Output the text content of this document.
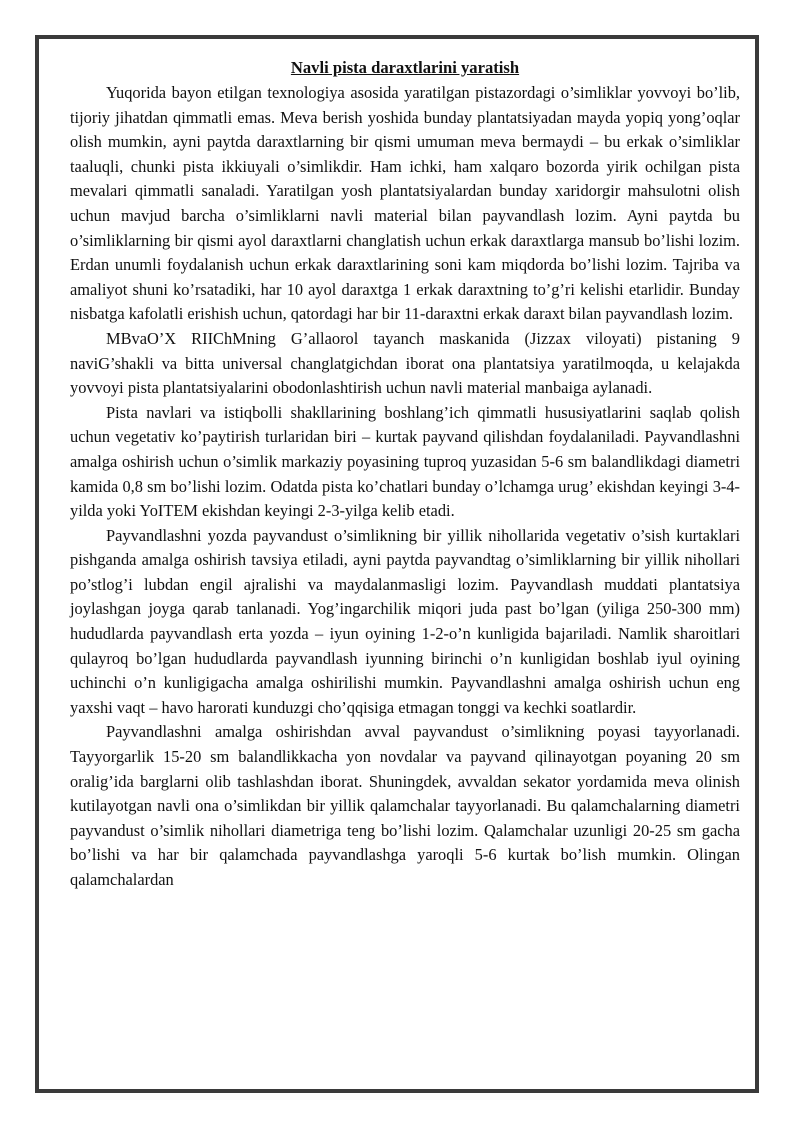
Navli pista daraxtlarini yaratish

Yuqorida bayon etilgan texnologiya asosida yaratilgan pistazordagi o’simliklar yovvoyi bo’lib, tijoriy jihatdan qimmatli emas. Meva berish yoshida bunday plantatsiyadan mayda yopiq yong’oqlar olish mumkin, ayni paytda daraxtlarning bir qismi umuman meva bermaydi – bu erkak o’simliklar taaluqli, chunki pista ikkiuyali o’simlikdir. Ham ichki, ham xalqaro bozorda yirik ochilgan pista mevalari qimmatli sanaladi. Yaratilgan yosh plantatsiyalardan bunday xaridorgir mahsulotni olish uchun mavjud barcha o’simliklarni navli material bilan payvandlash lozim. Ayni paytda bu o’simliklarning bir qismi ayol daraxtlarni changlatish uchun erkak daraxtlarga mansub bo’lishi lozim. Erdan unumli foydalanish uchun erkak daraxtlarining soni kam miqdorda bo’lishi lozim. Tajriba va amaliyot shuni ko’rsatadiki, har 10 ayol daraxtga 1 erkak daraxtning to’g’ri kelishi etarlidir. Bunday nisbatga kafolatli erishish uchun, qatordagi har bir 11-daraxtni erkak daraxt bilan payvandlash lozim.

MBvaO’X RIIChMning G’allaorol tayanch maskanida (Jizzax viloyati) pistaning 9 naviG’shakli va bitta universal changlatgichdan iborat ona plantatsiya yaratilmoqda, u kelajakda yovvoyi pista plantatsiyalarini obodonlashtirish uchun navli material manbaiga aylanadi.

Pista navlari va istiqbolli shakllarining boshlang’ich qimmatli hususiyatlarini saqlab qolish uchun vegetativ ko’paytirish turlaridan biri – kurtak payvand qilishdan foydalaniladi. Payvandlashni amalga oshirish uchun o’simlik markaziy poyasining tuproq yuzasidan 5-6 sm balandlikdagi diametri kamida 0,8 sm bo’lishi lozim. Odatda pista ko’chatlari bunday o’lchamga urug’ ekishdan keyingi 3-4-yilda yoki YoITEM ekishdan keyingi 2-3-yilga kelib etadi.

Payvandlashni yozda payvandust o’simlikning bir yillik nihollarida vegetativ o’sish kurtaklari pishganda amalga oshirish tavsiya etiladi, ayni paytda payvandtag o’simliklarning bir yillik nihollari po’stlog’i lubdan engil ajralishi va maydalanmasligi lozim. Payvandlash muddati plantatsiya joylashgan joyga qarab tanlanadi. Yog’ingarchilik miqori juda past bo’lgan (yiliga 250-300 mm) hududlarda payvandlash erta yozda – iyun oyining 1-2-o’n kunligida bajariladi. Namlik sharoitlari qulayroq bo’lgan hududlarda payvandlash iyunning birinchi o’n kunligidan boshlab iyul oyining uchinchi o’n kunligigacha amalga oshirilishi mumkin. Payvandlashni amalga oshirish uchun eng yaxshi vaqt – havo harorati kunduzgi cho’qqisiga etmagan tonggi va kechki soatlardir.

Payvandlashni amalga oshirishdan avval payvandust o’simlikning poyasi tayyorlanadi. Tayyorgarlik 15-20 sm balandlikkacha yon novdalar va payvand qilinayotgan poyaning 20 sm oralig’ida barglarni olib tashlashdan iborat. Shuningdek, avvaldan sekator yordamida meva olinish kutilayotgan navli ona o’simlikdan bir yillik qalamchalar tayyorlanadi. Bu qalamchalarning diametri payvandust o’simlik nihollari diametriga teng bo’lishi lozim. Qalamchalar uzunligi 20-25 sm gacha bo’lishi va har bir qalamchada payvandlashga yaroqli 5-6 kurtak bo’lish mumkin. Olingan qalamchalardan
